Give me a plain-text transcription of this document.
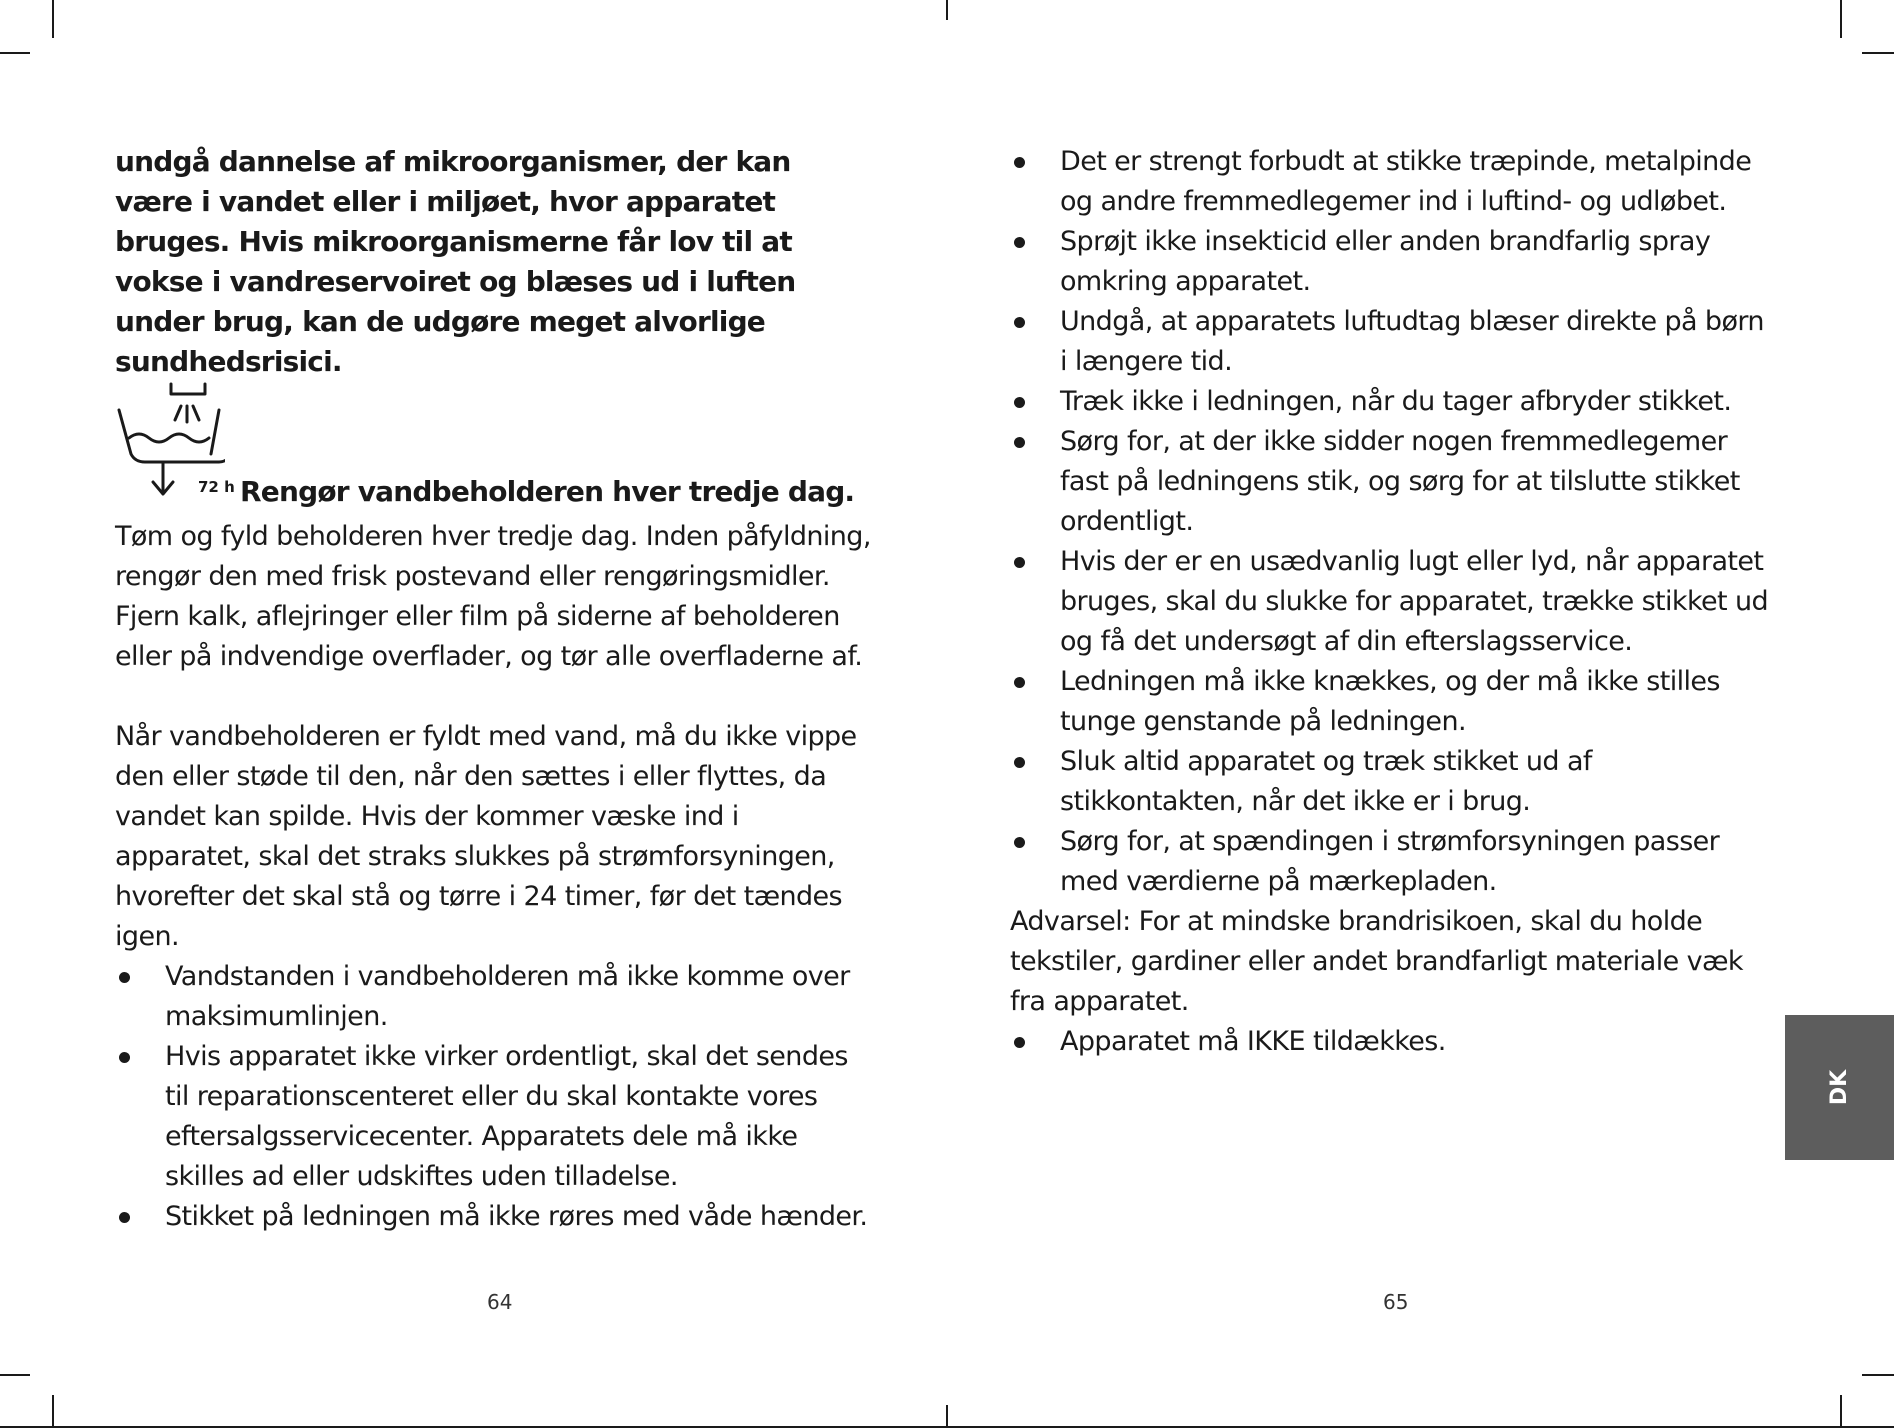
undgå dannelse af mikroorganismer, der kan være i vandet eller i miljøet, hvor apparatet bruges. Hvis mikroorganismerne får lov til at vokse i vandreservoiret og blæses ud i luften under brug, kan de udgøre meget alvorlige sundhedsrisici.

72 h Rengør vandbeholderen hver tredje dag.

Tøm og fyld beholderen hver tredje dag. Inden påfyldning, rengør den med frisk postevand eller rengøringsmidler. Fjern kalk, aflejringer eller film på siderne af beholderen eller på indvendige overflader, og tør alle overfladerne af.

Når vandbeholderen er fyldt med vand, må du ikke vippe den eller støde til den, når den sættes i eller flyttes, da vandet kan spilde. Hvis der kommer væske ind i apparatet, skal det straks slukkes på strømforsyningen, hvorefter det skal stå og tørre i 24 timer, før det tændes igen.

Vandstanden i vandbeholderen må ikke komme over maksimumlinjen.
Hvis apparatet ikke virker ordentligt, skal det sendes til reparationscenteret eller du skal kontakte vores eftersalgsservicecenter. Apparatets dele må ikke skilles ad eller udskiftes uden tilladelse.
Stikket på ledningen må ikke røres med våde hænder.
64
Det er strengt forbudt at stikke træpinde, metalpinde og andre fremmedlegemer ind i luftind- og udløbet.
Sprøjt ikke insekticid eller anden brandfarlig spray omkring apparatet.
Undgå, at apparatets luftudtag blæser direkte på børn i længere tid.
Træk ikke i ledningen, når du tager afbryder stikket.
Sørg for, at der ikke sidder nogen fremmedlegemer fast på ledningens stik, og sørg for at tilslutte stikket ordentligt.
Hvis der er en usædvanlig lugt eller lyd, når apparatet bruges, skal du slukke for apparatet, trække stikket ud og få det undersøgt af din efterslagsservice.
Ledningen må ikke knækkes, og der må ikke stilles tunge genstande på ledningen.
Sluk altid apparatet og træk stikket ud af stikkontakten, når det ikke er i brug.
Sørg for, at spændingen i strømforsyningen passer med værdierne på mærkepladen.

Advarsel: For at mindske brandrisikoen, skal du holde tekstiler, gardiner eller andet brandfarligt materiale væk fra apparatet.

Apparatet må IKKE tildækkes.
65
DK
